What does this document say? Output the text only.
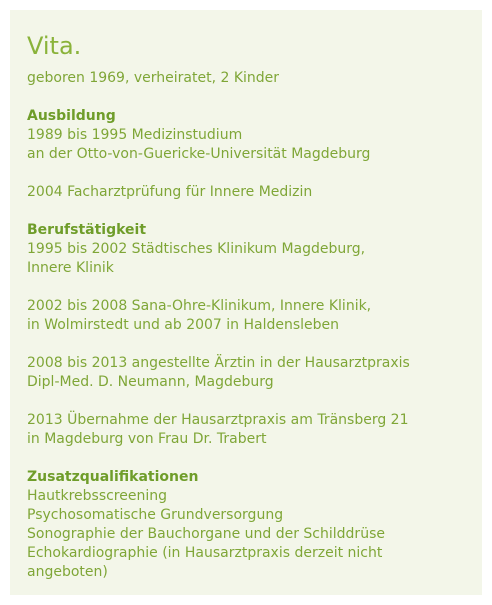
Vita.

geboren 1969, verheiratet, 2 Kinder

Ausbildung
1989 bis 1995 Medizinstudium
an der Otto-von-Guericke-Universität Magdeburg

2004 Facharztprüfung für Innere Medizin

Berufstätigkeit
1995 bis 2002 Städtisches Klinikum Magdeburg,
Innere Klinik

2002 bis 2008 Sana-Ohre-Klinikum, Innere Klinik,
in Wolmirstedt und ab 2007 in Haldensleben

2008 bis 2013 angestellte Ärztin in der Hausarztpraxis
Dipl-Med. D. Neumann, Magdeburg

2013 Übernahme der Hausarztpraxis am Tränsberg 21
in Magdeburg von Frau Dr. Trabert

Zusatzqualifikationen
Hautkrebsscreening
Psychosomatische Grundversorgung
Sonographie der Bauchorgane und der Schilddrüse
Echokardiographie (in Hausarztpraxis derzeit nicht
angeboten)
